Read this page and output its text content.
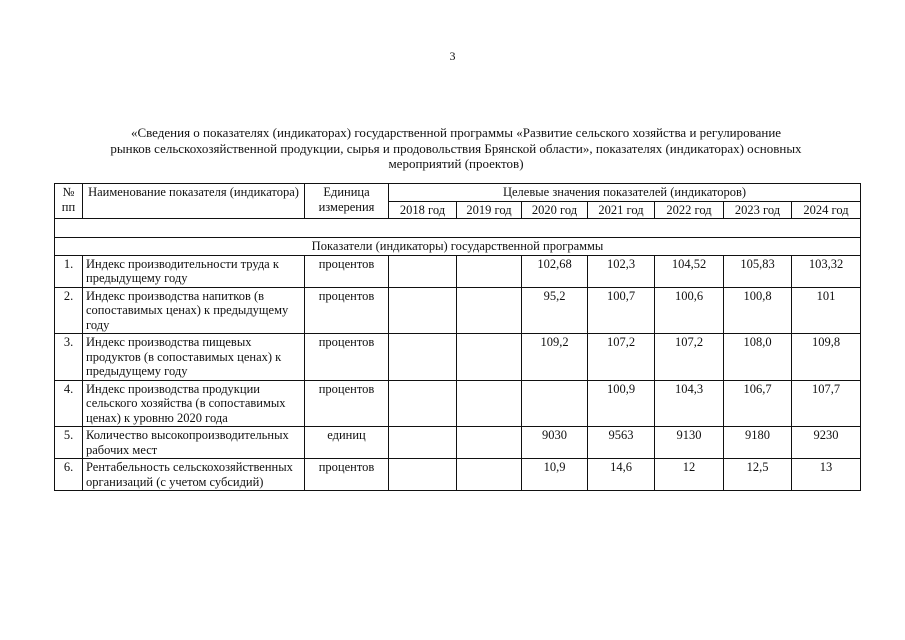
3
«Сведения о показателях (индикаторах) государственной программы «Развитие сельского хозяйства и регулирование
рынков сельскохозяйственной продукции, сырья и продовольствия Брянской области», показателях (индикаторах) основных
мероприятий (проектов)
№ пп	Наименование показателя (индикатора)	Единица измерения	Целевые значения показателей (индикаторов)						
			2018 год	2019 год	2020 год	2021 год	2022 год	2023 год	2024 год

Показатели (индикаторы) государственной программы									
1.	Индекс производительности труда к предыдущему году	процентов			102,68	102,3	104,52	105,83	103,32
2.	Индекс производства напитков (в сопоставимых ценах) к предыдущему году	процентов			95,2	100,7	100,6	100,8	101
3.	Индекс производства пищевых продуктов (в сопоставимых ценах) к предыдущему году	процентов			109,2	107,2	107,2	108,0	109,8
4.	Индекс производства продукции сельского хозяйства (в сопоставимых ценах) к уровню 2020 года	процентов				100,9	104,3	106,7	107,7
5.	Количество высокопроизводительных рабочих мест	единиц			9030	9563	9130	9180	9230
6.	Рентабельность сельскохозяйственных организаций (с учетом субсидий)	процентов			10,9	14,6	12	12,5	13
